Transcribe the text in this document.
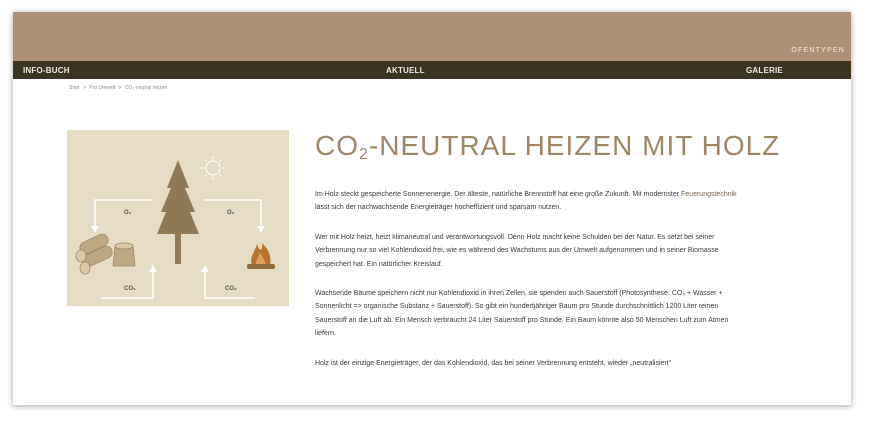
OFENTYPEN
INFO-BUCH	AKTUELL	GALERIE
Start > Pro Umwelt > CO₂-neutral heizen
O₂	O₂
CO₂	CO₂
$CO_2$-NEUTRAL HEIZEN MIT HOLZ

Im Holz steckt gespeicherte Sonnenenergie. Der älteste, natürliche Brennstoff hat eine große Zukunft. Mit modernster Feuerungstechnik lässt sich der nachwachsende Energieträger hocheffizient und sparsam nutzen.

Wer mit Holz heizt, heizt klimaneutral und verantwortungsvoll. Denn Holz macht keine Schulden bei der Natur. Es setzt bei seiner Verbrennung nur so viel Kohlendioxid frei, wie es während des Wachstums aus der Umwelt aufgenommen und in seiner Biomasse gespeichert hat. Ein natürlicher Kreislauf.

Wachsende Bäume speichern nicht nur Kohlendioxid in ihren Zellen, sie spenden auch Sauerstoff (Photosynthese: CO₂ + Wasser + Sonnenlicht => organische Substanz + Sauerstoff). So gibt ein hundertjähriger Baum pro Stunde durchschnittlich 1200 Liter reinen Sauerstoff an die Luft ab. Ein Mensch verbraucht 24 Liter Sauerstoff pro Stunde. Ein Baum könnte also 50 Menschen Luft zum Atmen liefern.

Holz ist der einzige Energieträger, der das Kohlendioxid, das bei seiner Verbrennung entsteht, wieder „neutralisiert“
